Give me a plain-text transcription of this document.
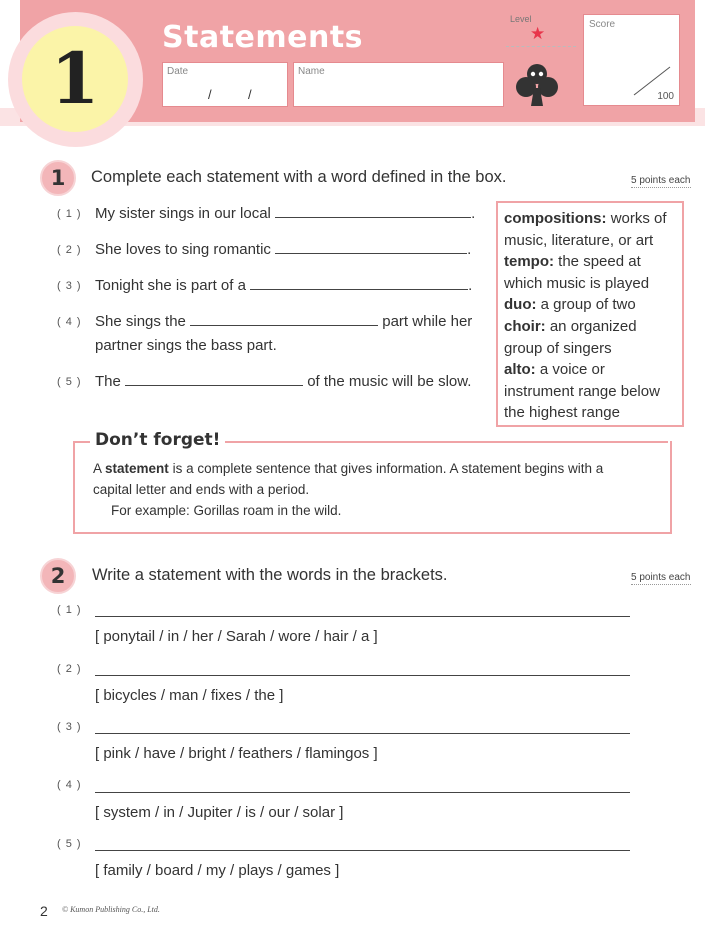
1 Statements
Date
/	/
Name
Level
★	Score
100
1	Complete each statement with a word defined in the box.	5 points each
( 1 ) My sister sings in our local	.
( 2 ) She loves to sing romantic	.
( 3 ) Tonight she is part of a	.
( 4 ) She sings the	part while her
partner sings the bass part.
( 5 ) The	of the music will be slow.

compositions: works of music, literature, or art

tempo: the speed at which music is played

duo: a group of two

choir: an organized group of singers

alto: a voice or instrument range below the highest range

Don’t forget!

A statement is a complete sentence that gives information. A statement begins with a

capital letter and ends with a period.

For example: Gorillas roam in the wild.

2	Write a statement with the words in the brackets.	5 points each
( 1 )
[ ponytail / in / her / Sarah / wore / hair / a ]
( 2 )
[ bicycles / man / fixes / the ]
( 3 )
[ pink / have / bright / feathers / flamingos ]
( 4 )
[ system / in / Jupiter / is / our / solar ]
( 5 )
[ family / board / my / plays / games ]
2 © Kumon Publishing Co., Ltd.
